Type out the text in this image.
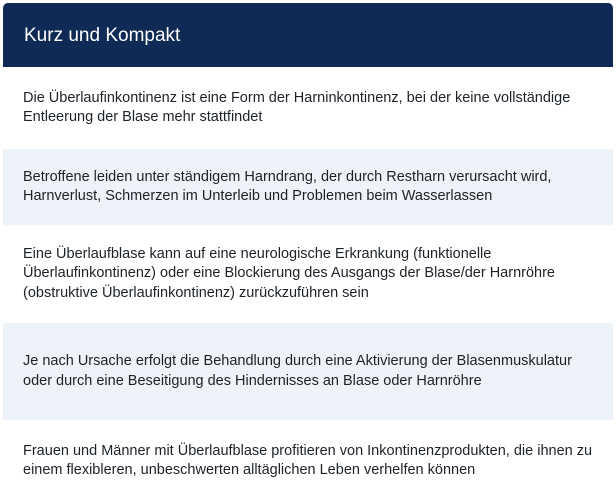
Kurz und Kompakt

Die Überlaufinkontinenz ist eine Form der Harninkontinenz, bei der keine vollständige Entleerung der Blase mehr stattfindet

Betroffene leiden unter ständigem Harndrang, der durch Restharn verursacht wird, Harnverlust, Schmerzen im Unterleib und Problemen beim Wasserlassen

Eine Überlaufblase kann auf eine neurologische Erkrankung (funktionelle Überlaufinkontinenz) oder eine Blockierung des Ausgangs der Blase/der Harnröhre (obstruktive Überlaufinkontinenz) zurückzuführen sein

Je nach Ursache erfolgt die Behandlung durch eine Aktivierung der Blasenmuskulatur oder durch eine Beseitigung des Hindernisses an Blase oder Harnröhre

Frauen und Männer mit Überlaufblase profitieren von Inkontinenzprodukten, die ihnen zu einem flexibleren, unbeschwerten alltäglichen Leben verhelfen können
